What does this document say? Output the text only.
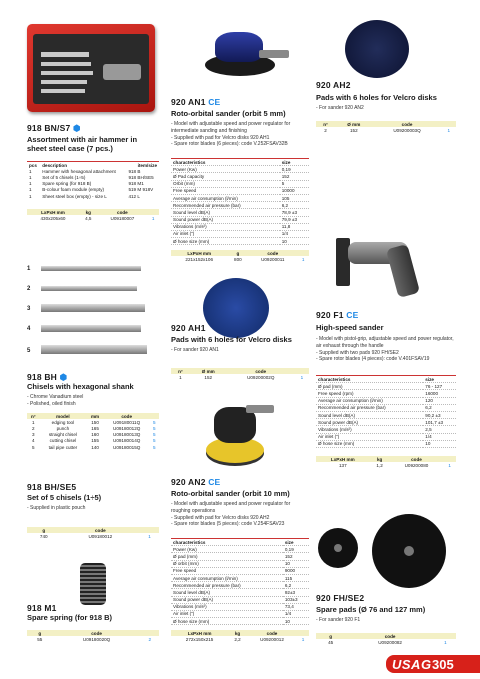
918 BN/S7 ⬢
Assortment with air hammer in sheet steel case (7 pcs.)
pcs	description	item/size
1	Hammer with hexagonal attachment	918 B
1	Set of 5 chisels (1÷5)	918 BH/SE5
1	Spare spring (for 918 B)	918 M1
1	B-colour foam module (empty)	519 M 918V
1	Sheet steel box (empty) - size L	412 L
LxPxH mm	kg	code	
430x205x60	4,5	U09180007	1
1
2
3
4
5
918 BH ⬢
Chisels with hexagonal shank
- Chrome Vanadium steel
- Polished, oiled finish
n°	model	mm	code	
1	edging tool	150	U09180011Q	5
2	punch	165	U09180012Q	5
3	straight chisel	160	U09180013Q	5
4	cutting chisel	155	U09180014Q	5
5	tail pipe cutter	140	U09180015Q	5
918 BH/SE5
Set of 5 chisels (1÷5)
- Supplied in plastic pouch
g	code	
740	U09180012	1
918 M1
Spare spring (for 918 B)
g	code	
55	U09180020Q	2
920 AN1 CE
Roto-orbital sander (orbit 5 mm)
- Model with adjustable speed and power regulator for intermediate sanding and finishing
- Supplied with pad for Velcro disks 920 AH1
- Spare rotor blades (6 pieces): code V.252FSAV32B
characteristics	size
Power (Kw)	0,19
Ø Pad capacity	152
Orbit (mm)	5
Free speed	10000
Average air consumption (l/min)	105
Recommended air pressure (bar)	6,2
Sound level dB(A)	78,9 ±3
Sound power dB(A)	79,9 ±3
Vibrations (m/s²)	11,8
Air inlet (")	1/4
Ø hose size (mm)	10
LxPxH mm	g	code	
221x152x106	800	U09200011	1
920 AH1
Pads with 6 holes for Velcro disks
- For sander 920 AN1
n°	Ø mm	code	
1	152	U09200002Q	1
920 AN2 CE
Roto-orbital sander (orbit 10 mm)
- Model with adjustable speed and power regulator for roughing operations
- Supplied with pad for Velcro disks 920 AH2
- Spare rotor blades (5 pieces): code V.254FSAV23
characteristics	size
Power (Kw)	0,19
Ø pad (mm)	152
Ø orbit (mm)	10
Free speed	9000
Average air consumption (l/min)	115
Recommended air pressure (bar)	6,2
Sound level dB(A)	92±3
Sound power dB(A)	103±3
Vibrations (m/s²)	73,4
Air inlet (")	1/4
Ø hose size (mm)	10
LxPxH mm	kg	code	
272x150x215	2,2	U09200012	1
920 AH2
Pads with 6 holes for Velcro disks
- For sander 920 AN2
n°	Ø mm	code	
2	152	U09200003Q	1
920 F1 CE
High-speed sander
- Model with pistol-grip, adjustable speed and power regulator, air exhaust through the handle
- Supplied with two pads 920 FH/SE2
- Spare rotor blades (4 pieces): code V.401FSAV19
characteristics	size
Ø pad (mm)	76 - 127
Free speed (rpm)	16000
Average air consumption (l/min)	120
Recommended air pressure (bar)	6,2
Sound level dB(A)	90,2 ±3
Sound power dB(A)	101,7 ±3
Vibrations (m/s²)	2,5
Air inlet (")	1/4
Ø hose size (mm)	10
LxPxH mm	kg	code	
137	1,2	U09200080	1
920 FH/SE2
Spare pads (Ø 76 and 127 mm)
- For sander 920 F1
g	code	
45	U09200082	1
USAG 305
